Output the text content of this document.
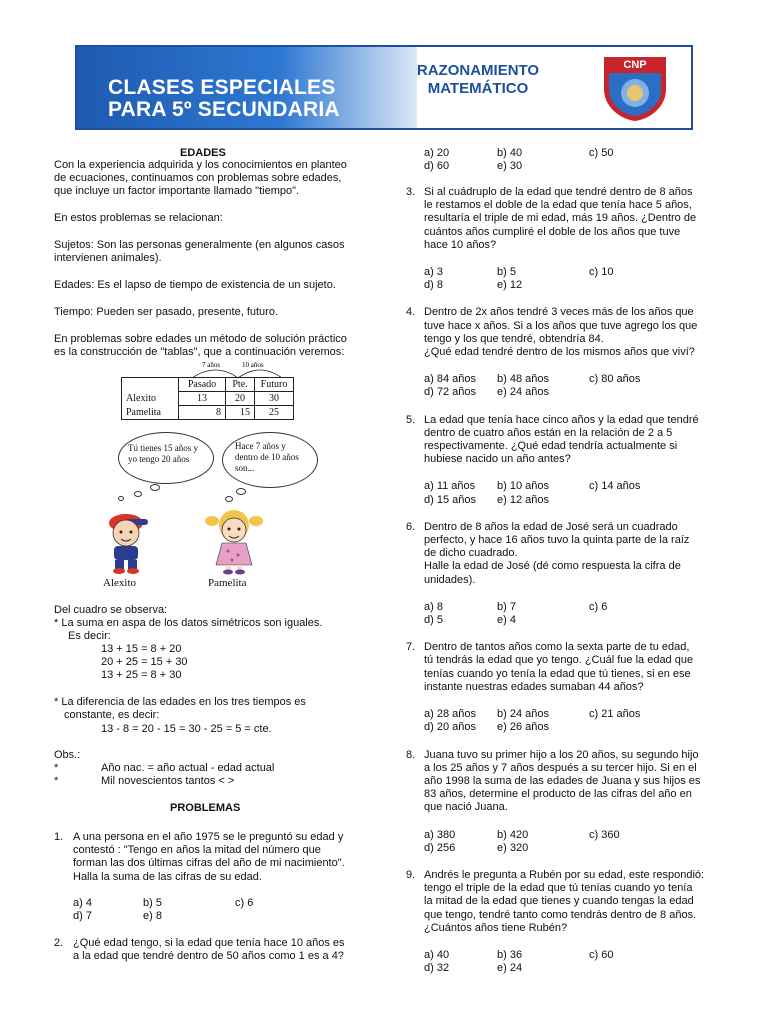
CLASES ESPECIALES
PARA 5º SECUNDARIA
RAZONAMIENTO
MATEMÁTICO
CNP
EDADES
Con la experiencia adquirida y los conocimientos en planteo
de ecuaciones, continuamos con problemas sobre edades,
que incluye un factor importante llamado "tiempo".
En estos problemas se relacionan:
Sujetos: Son las personas generalmente (en algunos casos
intervienen animales).
Edades: Es el lapso de tiempo de existencia de un sujeto.
Tiempo: Pueden ser pasado, presente, futuro.
En problemas sobre edades un método de solución práctico
es la construcción de "tablas", que a continuación veremos:
7 años	10 años
	Pasado	Pte.	Futuro
Alexito	13	20	30
Pamelita	8	15	25
Tú tienes 15 años y
yo tengo 20 años
Hace 7 años y
dentro de 10 años
son...
Alexito	Pamelita
Del cuadro se observa:
* La suma en aspa de los datos simétricos son iguales.
Es decir:
13 + 15 = 8 + 20
20 + 25 = 15 + 30
13 + 25 = 8 + 30
* La diferencia de las edades en los tres tiempos es
constante, es decir:
13 - 8 = 20 - 15 = 30 - 25 = 5 = cte.
Obs.:
*	Año nac. = año actual - edad actual
*	Mil novescientos tantos < >
PROBLEMAS
1. A una persona en el año 1975 se le preguntó su edad y
contestó : "Tengo en años la mitad del número que
forman las dos últimas cifras del año de mi nacimiento".
Halla la suma de las cifras de su edad.
a) 4	b) 5	c) 6
d) 7	e) 8
2. ¿Qué edad tengo, si la edad que tenía hace 10 años es
a la edad que tendré dentro de 50 años como 1 es a 4?
a) 20	b) 40	c) 50
d) 60	e) 30
3. Si al cuádruplo de la edad que tendré dentro de 8 años
le restamos el doble de la edad que tenía hace 5 años,
resultaría el triple de mi edad, más 19 años. ¿Dentro de
cuántos años cumpliré el doble de los años que tuve
hace 10 años?
a) 3	b) 5	c) 10
d) 8	e) 12
4. Dentro de 2x años tendré 3 veces más de los años que
tuve hace x años. Si a los años que tuve agrego los que
tengo y los que tendré, obtendría 84.
¿Qué edad tendré dentro de los mismos años que viví?
a) 84 años b) 48 años	c) 80 años
d) 72 años e) 24 años
5. La edad que tenía hace cinco años y la edad que tendré
dentro de cuatro años están en la relación de 2 a 5
respectivamente. ¿Qué edad tendría actualmente si
hubiese nacido un año antes?
a) 11 años b) 10 años	c) 14 años
d) 15 años e) 12 años
6. Dentro de 8 años la edad de José será un cuadrado
perfecto, y hace 16 años tuvo la quinta parte de la raíz
de dicho cuadrado.
Halle la edad de José (dé como respuesta la cifra de
unidades).
a) 8	b) 7	c) 6
d) 5	e) 4
7. Dentro de tantos años como la sexta parte de tu edad,
tú tendrás la edad que yo tengo. ¿Cuál fue la edad que
tenías cuando yo tenía la edad que tú tienes, si en ese
instante nuestras edades sumaban 44 años?
a) 28 años b) 24 años	c) 21 años
d) 20 años e) 26 años
8. Juana tuvo su primer hijo a los 20 años, su segundo hijo
a los 25 años y 7 años después a su tercer hijo. Si en el
año 1998 la suma de las edades de Juana y sus hijos es
83 años, determine el producto de las cifras del año en
que nació Juana.
a) 380	b) 420	c) 360
d) 256	e) 320
9. Andrés le pregunta a Rubén por su edad, este respondió:
tengo el triple de la edad que tú tenías cuando yo tenía
la mitad de la edad que tienes y cuando tengas la edad
que tengo, tendré tanto como tendrás dentro de 8 años.
¿Cuántos años tiene Rubén?
a) 40	b) 36	c) 60
d) 32	e) 24
